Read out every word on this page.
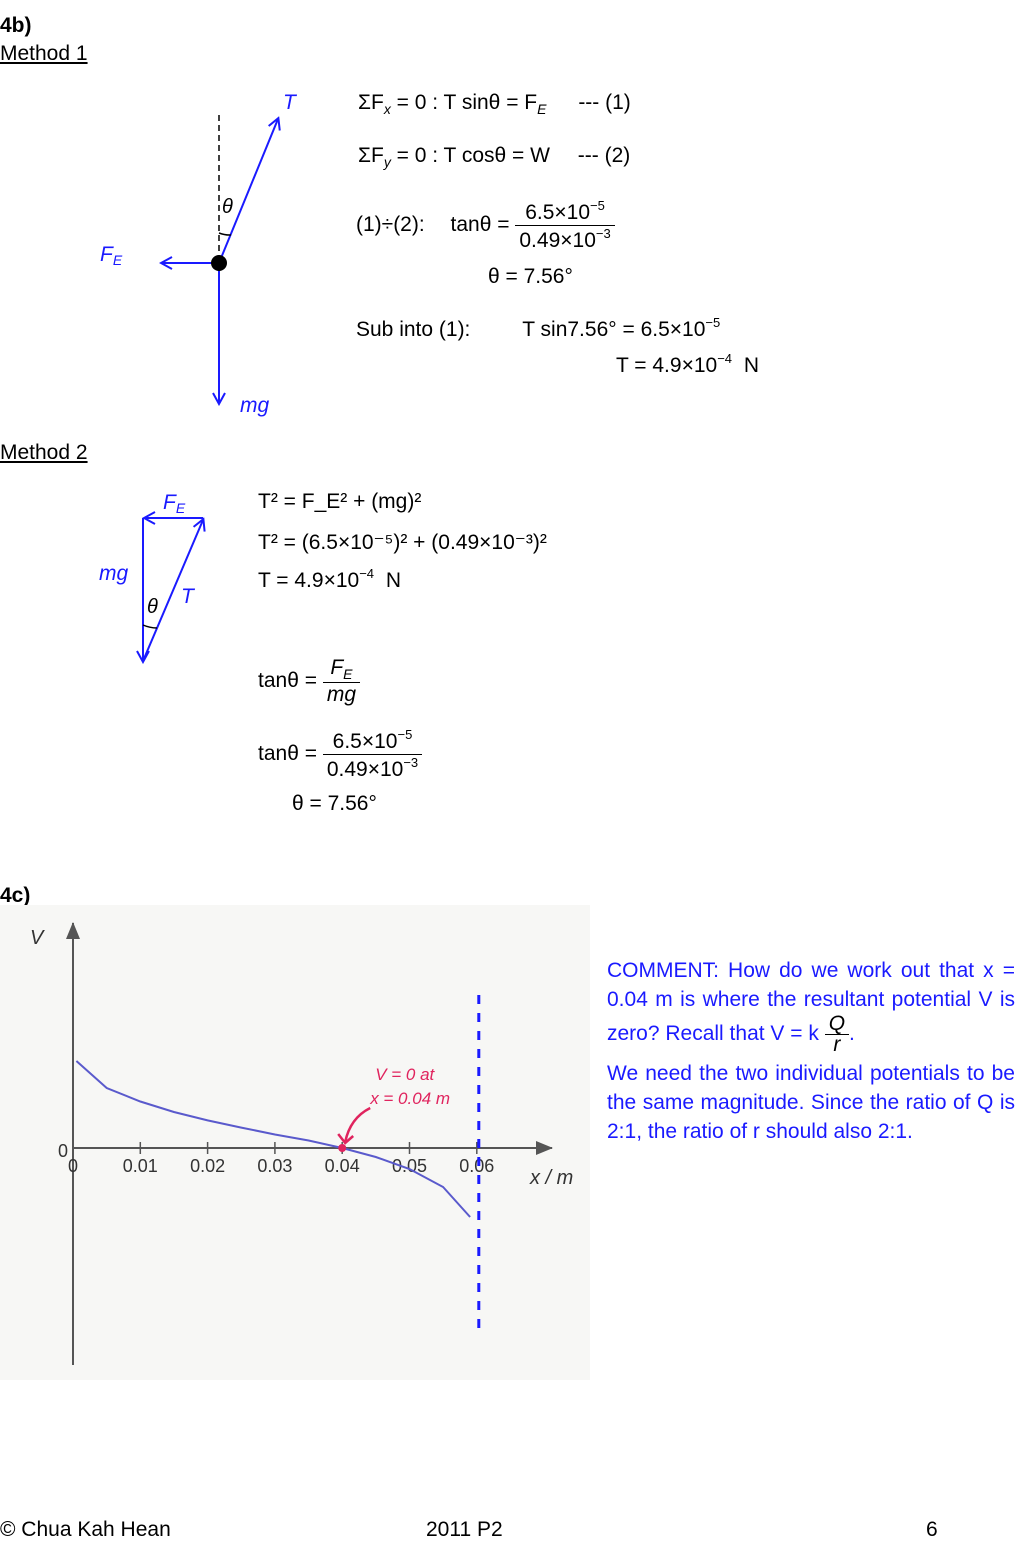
4b)
Method 1
T
θ
FE
mg
$\Sigma F_x = 0$ : T $\sin\theta = F_E$ --- (1)
$\Sigma F_y = 0$ : T cosθ = W --- (2)
(1)÷(2): $\tan\theta = \frac{6.5\times 10^{-5}}{0.49\times 10^{-3}}$
θ = 7.56°
Sub into (1): T $\sin 7.56^\circ = 6.5\times 10^{-5}$
$T = 4.9\times 10^{-4}$ N
Method 2
FE
mg
θ T
T² = F_E² + (mg)²
T² = (6.5×10⁻⁵)² + (0.49×10⁻³)²
$T = 4.9\times 10^{-4}$ N
$\tan\theta = \frac{F_E}{mg}$
$\tan\theta = \frac{6.5\times 10^{-5}}{0.49\times 10^{-3}}$
θ = 7.56°
4c)
0 0.01 0.02 0.03 0.04 0.05 0.06
V = 0 at
x = 0.04 m
V
x / m
0
COMMENT: How do we work out that x = 0.04 m is where the resultant potential V is zero? Recall that V = k $\frac{Q}{r}$ .
We need the two individual potentials to be the same magnitude. Since the ratio of Q is 2:1, the ratio of r should also 2:1.
© Chua Kah Hean	2011 P2	6
